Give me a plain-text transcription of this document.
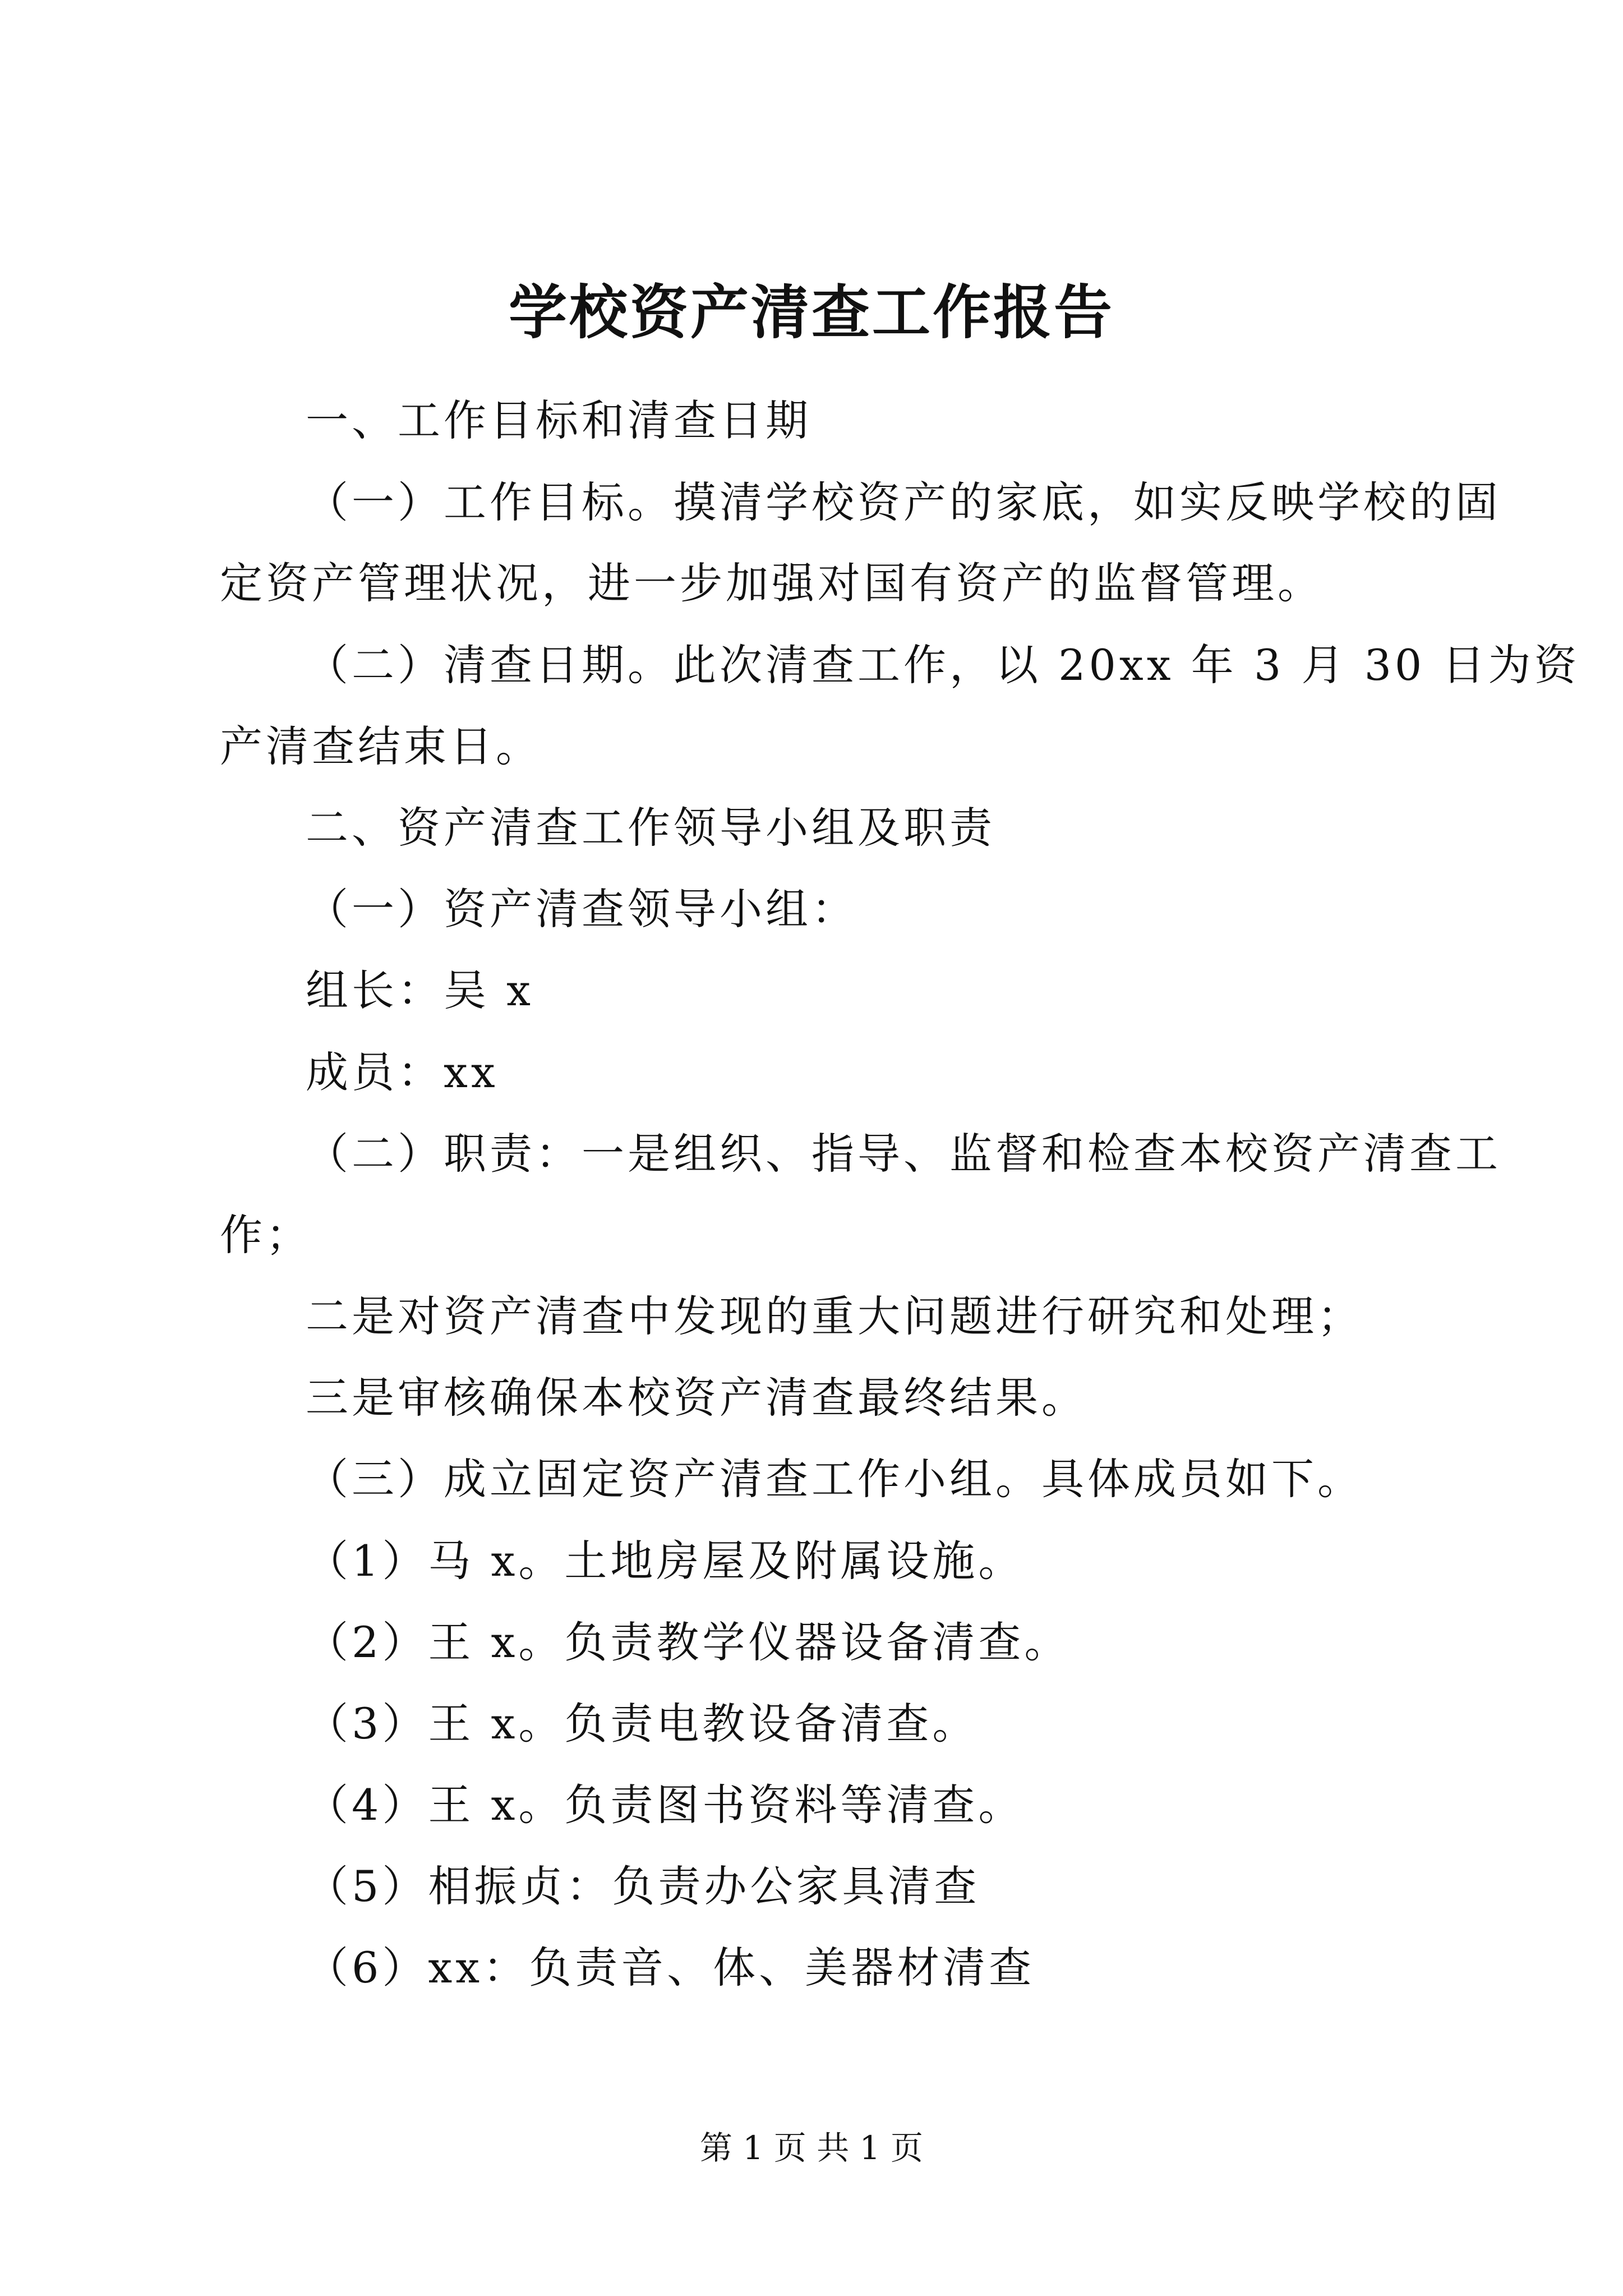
学校资产清查工作报告
一、工作目标和清查日期
（一）工作目标。摸清学校资产的家底，如实反映学校的固
定资产管理状况，进一步加强对国有资产的监督管理。
（二）清查日期。此次清查工作，以 20xx 年 3 月 30 日为资
产清查结束日。
二、资产清查工作领导小组及职责
（一）资产清查领导小组：
组长：吴 x
成员：xx
（二）职责：一是组织、指导、监督和检查本校资产清查工
作；
二是对资产清查中发现的重大问题进行研究和处理；
三是审核确保本校资产清查最终结果。
（三）成立固定资产清查工作小组。具体成员如下。
（1）马 x。土地房屋及附属设施。
（2）王 x。负责教学仪器设备清查。
（3）王 x。负责电教设备清查。
（4）王 x。负责图书资料等清查。
（5）相振贞：负责办公家具清查
（6）xx：负责音、体、美器材清查
第 1 页 共 1 页
